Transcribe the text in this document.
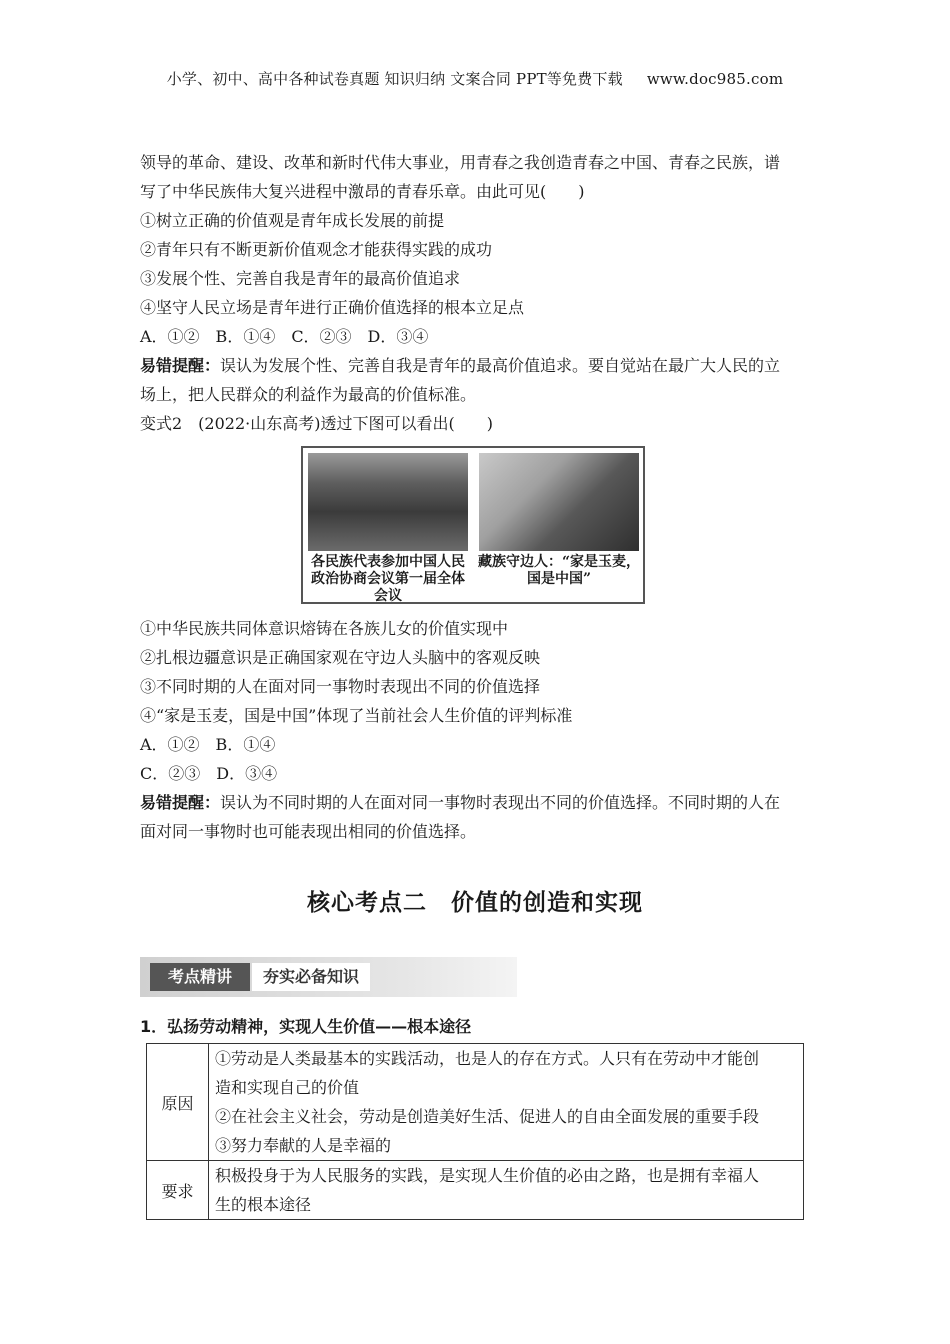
小学、初中、高中各种试卷真题 知识归纳 文案合同 PPT等免费下载 www.doc985.com
领导的革命、建设、改革和新时代伟大事业，用青春之我创造青春之中国、青春之民族，谱
写了中华民族伟大复兴进程中激昂的青春乐章。由此可见(　　)
①树立正确的价值观是青年成长发展的前提
②青年只有不断更新价值观念才能获得实践的成功
③发展个性、完善自我是青年的最高价值追求
④坚守人民立场是青年进行正确价值选择的根本立足点
A．①②　B．①④　C．②③　D．③④
易错提醒：误认为发展个性、完善自我是青年的最高价值追求。要自觉站在最广大人民的立
场上，把人民群众的利益作为最高的价值标准。
变式2　(2022·山东高考)透过下图可以看出(　　)
各民族代表参加中国人民
政治协商会议第一届全体
会议
藏族守边人：“家是玉麦，
国是中国”
①中华民族共同体意识熔铸在各族儿女的价值实现中
②扎根边疆意识是正确国家观在守边人头脑中的客观反映
③不同时期的人在面对同一事物时表现出不同的价值选择
④“家是玉麦，国是中国”体现了当前社会人生价值的评判标准
A．①②　B．①④
C．②③　D．③④
易错提醒：误认为不同时期的人在面对同一事物时表现出不同的价值选择。不同时期的人在
面对同一事物时也可能表现出相同的价值选择。
核心考点二　价值的创造和实现
考点精讲	夯实必备知识
1．弘扬劳动精神，实现人生价值——根本途径
原因	①劳动是人类最基本的实践活动，也是人的存在方式。人只有在劳动中才能创
造和实现自己的价值
②在社会主义社会，劳动是创造美好生活、促进人的自由全面发展的重要手段
③努力奉献的人是幸福的

要求	积极投身于为人民服务的实践，是实现人生价值的必由之路，也是拥有幸福人
生的根本途径
